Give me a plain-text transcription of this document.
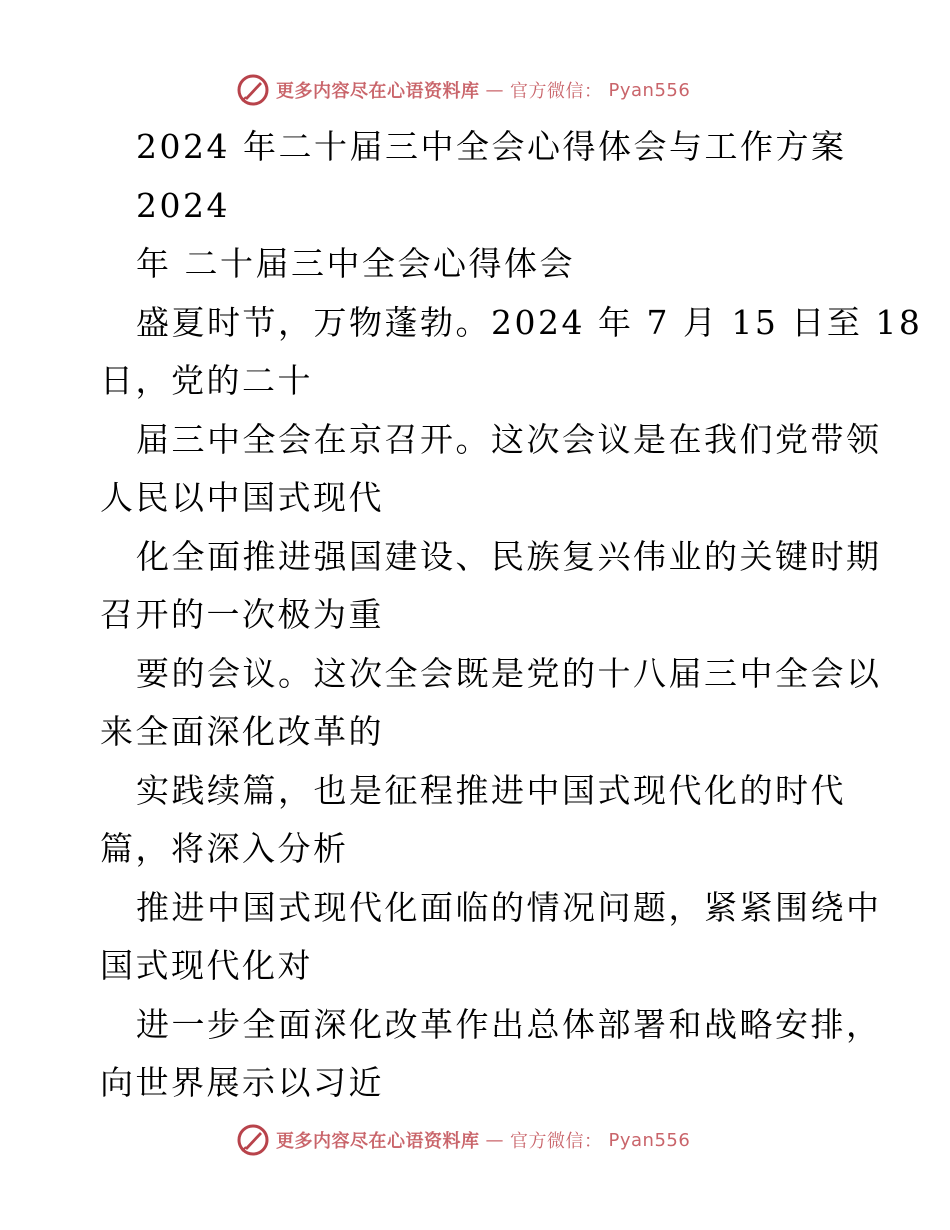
更多内容尽在心语资料库 — 官方微信： Pyan556
2024 年二十届三中全会心得体会与工作方案
2024
年 二十届三中全会心得体会
盛夏时节，万物蓬勃。2024 年 7 月 15 日至 18
日，党的二十
届三中全会在京召开。这次会议是在我们党带领
人民以中国式现代
化全面推进强国建设、民族复兴伟业的关键时期
召开的一次极为重
要的会议。这次全会既是党的十八届三中全会以
来全面深化改革的
实践续篇，也是征程推进中国式现代化的时代
篇，将深入分析
推进中国式现代化面临的情况问题，紧紧围绕中
国式现代化对
进一步全面深化改革作出总体部署和战略安排，
向世界展示以习近
更多内容尽在心语资料库 — 官方微信： Pyan556
